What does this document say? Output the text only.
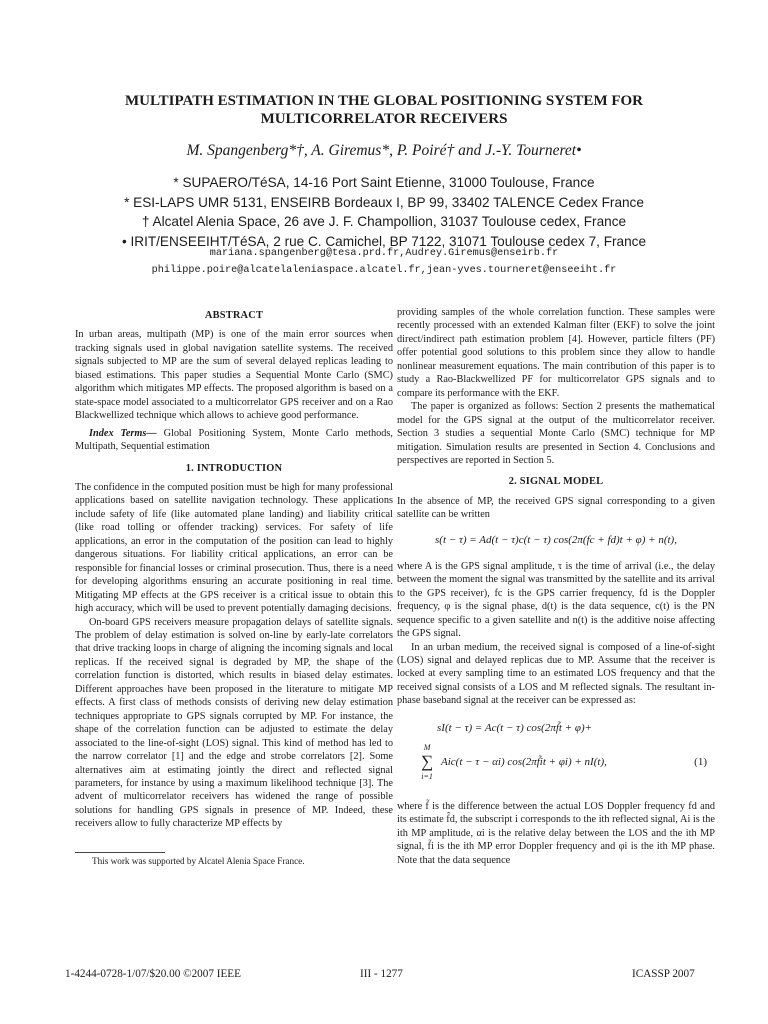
MULTIPATH ESTIMATION IN THE GLOBAL POSITIONING SYSTEM FOR
MULTICORRELATOR RECEIVERS
M. Spangenberg*†, A. Giremus*, P. Poiré† and J.-Y. Tourneret•
* SUPAERO/TéSA, 14-16 Port Saint Etienne, 31000 Toulouse, France
* ESI-LAPS UMR 5131, ENSEIRB Bordeaux I, BP 99, 33402 TALENCE Cedex France
† Alcatel Alenia Space, 26 ave J. F. Champollion, 31037 Toulouse cedex, France
• IRIT/ENSEEIHT/TéSA, 2 rue C. Camichel, BP 7122, 31071 Toulouse cedex 7, France
mariana.spangenberg@tesa.prd.fr,Audrey.Giremus@enseirb.fr
philippe.poire@alcatelaleniaspace.alcatel.fr,jean-yves.tourneret@enseeiht.fr
ABSTRACT

In urban areas, multipath (MP) is one of the main error sources when tracking signals used in global navigation satellite systems. The received signals subjected to MP are the sum of several delayed replicas leading to biased estimations. This paper studies a Sequential Monte Carlo (SMC) algorithm which mitigates MP effects. The proposed algorithm is based on a state-space model associated to a multicorrelator GPS receiver and on a Rao Blackwellized technique which allows to achieve good performance.

Index Terms— Global Positioning System, Monte Carlo methods, Multipath, Sequential estimation

1. INTRODUCTION

The confidence in the computed position must be high for many professional applications based on satellite navigation technology. These applications include safety of life (like automated plane landing) and liability critical (like road tolling or offender tracking) services. For safety of life applications, an error in the computation of the position can lead to highly dangerous situations. For liability critical applications, an error can be responsible for financial losses or criminal prosecution. Thus, there is a need for developing algorithms ensuring an accurate positioning in real time. Mitigating MP effects at the GPS receiver is a critical issue to obtain this high accuracy, which will be used to prevent potentially damaging decisions.

On-board GPS receivers measure propagation delays of satellite signals. The problem of delay estimation is solved on-line by early-late correlators that drive tracking loops in charge of aligning the incoming signals and local replicas. If the received signal is degraded by MP, the shape of the correlation function is distorted, which results in biased delay estimates. Different approaches have been proposed in the literature to mitigate MP effects. A first class of methods consists of deriving new delay estimation techniques appropriate to GPS signals corrupted by MP. For instance, the shape of the correlation function can be adjusted to estimate the delay associated to the line-of-sight (LOS) signal. This kind of method has led to the narrow correlator [1] and the edge and strobe correlators [2]. Some alternatives aim at estimating jointly the direct and reflected signal parameters, for instance by using a maximum likelihood technique [3]. The advent of multicorrelator receivers has widened the range of possible solutions for handling GPS signals in presence of MP. Indeed, these receivers allow to fully characterize MP effects by

providing samples of the whole correlation function. These samples were recently processed with an extended Kalman filter (EKF) to solve the joint direct/indirect path estimation problem [4]. However, particle filters (PF) offer potential good solutions to this problem since they allow to handle nonlinear measurement equations. The main contribution of this paper is to study a Rao-Blackwellized PF for multicorrelator GPS signals and to compare its performance with the EKF.

The paper is organized as follows: Section 2 presents the mathematical model for the GPS signal at the output of the multicorrelator receiver. Section 3 studies a sequential Monte Carlo (SMC) technique for MP mitigation. Simulation results are presented in Section 4. Conclusions and perspectives are reported in Section 5.

2. SIGNAL MODEL

In the absence of MP, the received GPS signal corresponding to a given satellite can be written

s(t − τ) = Ad(t − τ)c(t − τ) cos(2π(fc + fd)t + φ) + n(t),

where A is the GPS signal amplitude, τ is the time of arrival (i.e., the delay between the moment the signal was transmitted by the satellite and its arrival to the GPS receiver), fc is the GPS carrier frequency, fd is the Doppler frequency, φ is the signal phase, d(t) is the data sequence, c(t) is the PN sequence specific to a given satellite and n(t) is the additive noise affecting the GPS signal.

In an urban medium, the received signal is composed of a line-of-sight (LOS) signal and delayed replicas due to MP. Assume that the receiver is locked at every sampling time to an estimated LOS frequency and that the received signal consists of a LOS and M reflected signals. The resultant in-phase baseband signal at the receiver can be expressed as:

sI(t − τ) = Ac(t − τ) cos(2πf̃t + φ)+
M
∑
i=1
Aic(t − τ − αi) cos(2πf̃it + φi) + nI(t),	(1)

where f̃ is the difference between the actual LOS Doppler frequency fd and its estimate f̂d, the subscript i corresponds to the ith reflected signal, Ai is the ith MP amplitude, αi is the relative delay between the LOS and the ith MP signal, f̃i is the ith MP error Doppler frequency and φi is the ith MP phase. Note that the data sequence

This work was supported by Alcatel Alenia Space France.
1-4244-0728-1/07/$20.00 ©2007 IEEE	III - 1277	ICASSP 2007
